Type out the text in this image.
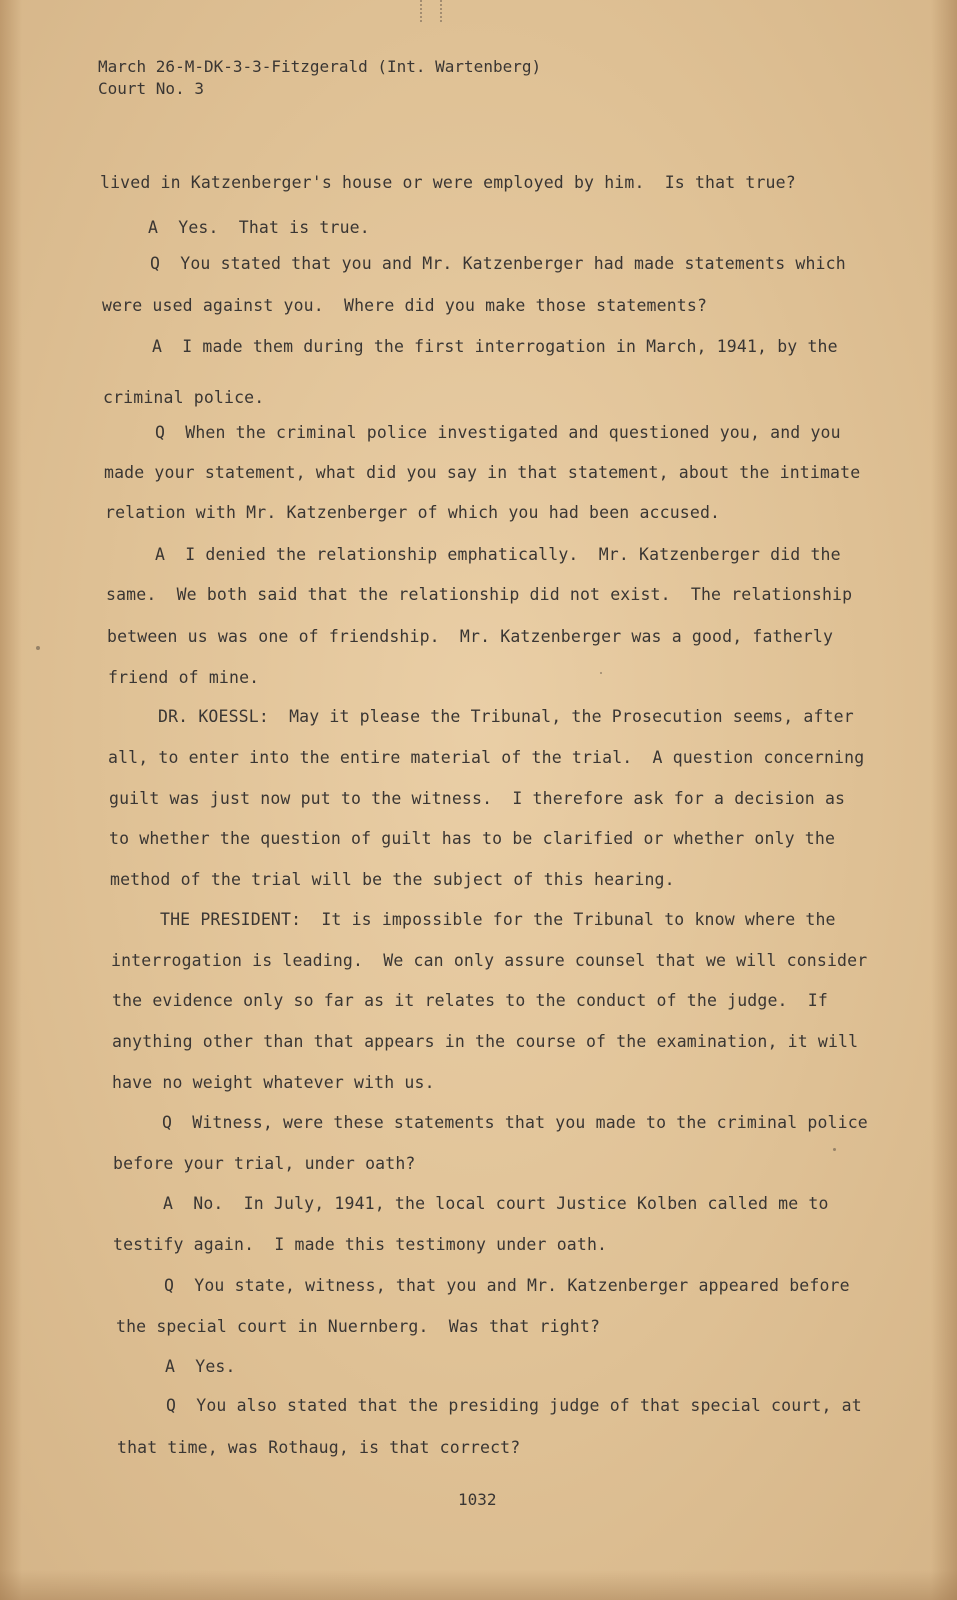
March 26-M-DK-3-3-Fitzgerald (Int. Wartenberg)
Court No. 3
lived in Katzenberger's house or were employed by him.  Is that true?
A  Yes.  That is true.
Q  You stated that you and Mr. Katzenberger had made statements which
were used against you.  Where did you make those statements?
A  I made them during the first interrogation in March, 1941, by the
criminal police.
Q  When the criminal police investigated and questioned you, and you
made your statement, what did you say in that statement, about the intimate
relation with Mr. Katzenberger of which you had been accused.
A  I denied the relationship emphatically.  Mr. Katzenberger did the
same.  We both said that the relationship did not exist.  The relationship
between us was one of friendship.  Mr. Katzenberger was a good, fatherly
friend of mine.
DR. KOESSL:  May it please the Tribunal, the Prosecution seems, after
all, to enter into the entire material of the trial.  A question concerning
guilt was just now put to the witness.  I therefore ask for a decision as
to whether the question of guilt has to be clarified or whether only the
method of the trial will be the subject of this hearing.
THE PRESIDENT:  It is impossible for the Tribunal to know where the
interrogation is leading.  We can only assure counsel that we will consider
the evidence only so far as it relates to the conduct of the judge.  If
anything other than that appears in the course of the examination, it will
have no weight whatever with us.
Q  Witness, were these statements that you made to the criminal police
before your trial, under oath?
A  No.  In July, 1941, the local court Justice Kolben called me to
testify again.  I made this testimony under oath.
Q  You state, witness, that you and Mr. Katzenberger appeared before
the special court in Nuernberg.  Was that right?
A  Yes.
Q  You also stated that the presiding judge of that special court, at
that time, was Rothaug, is that correct?
1032
